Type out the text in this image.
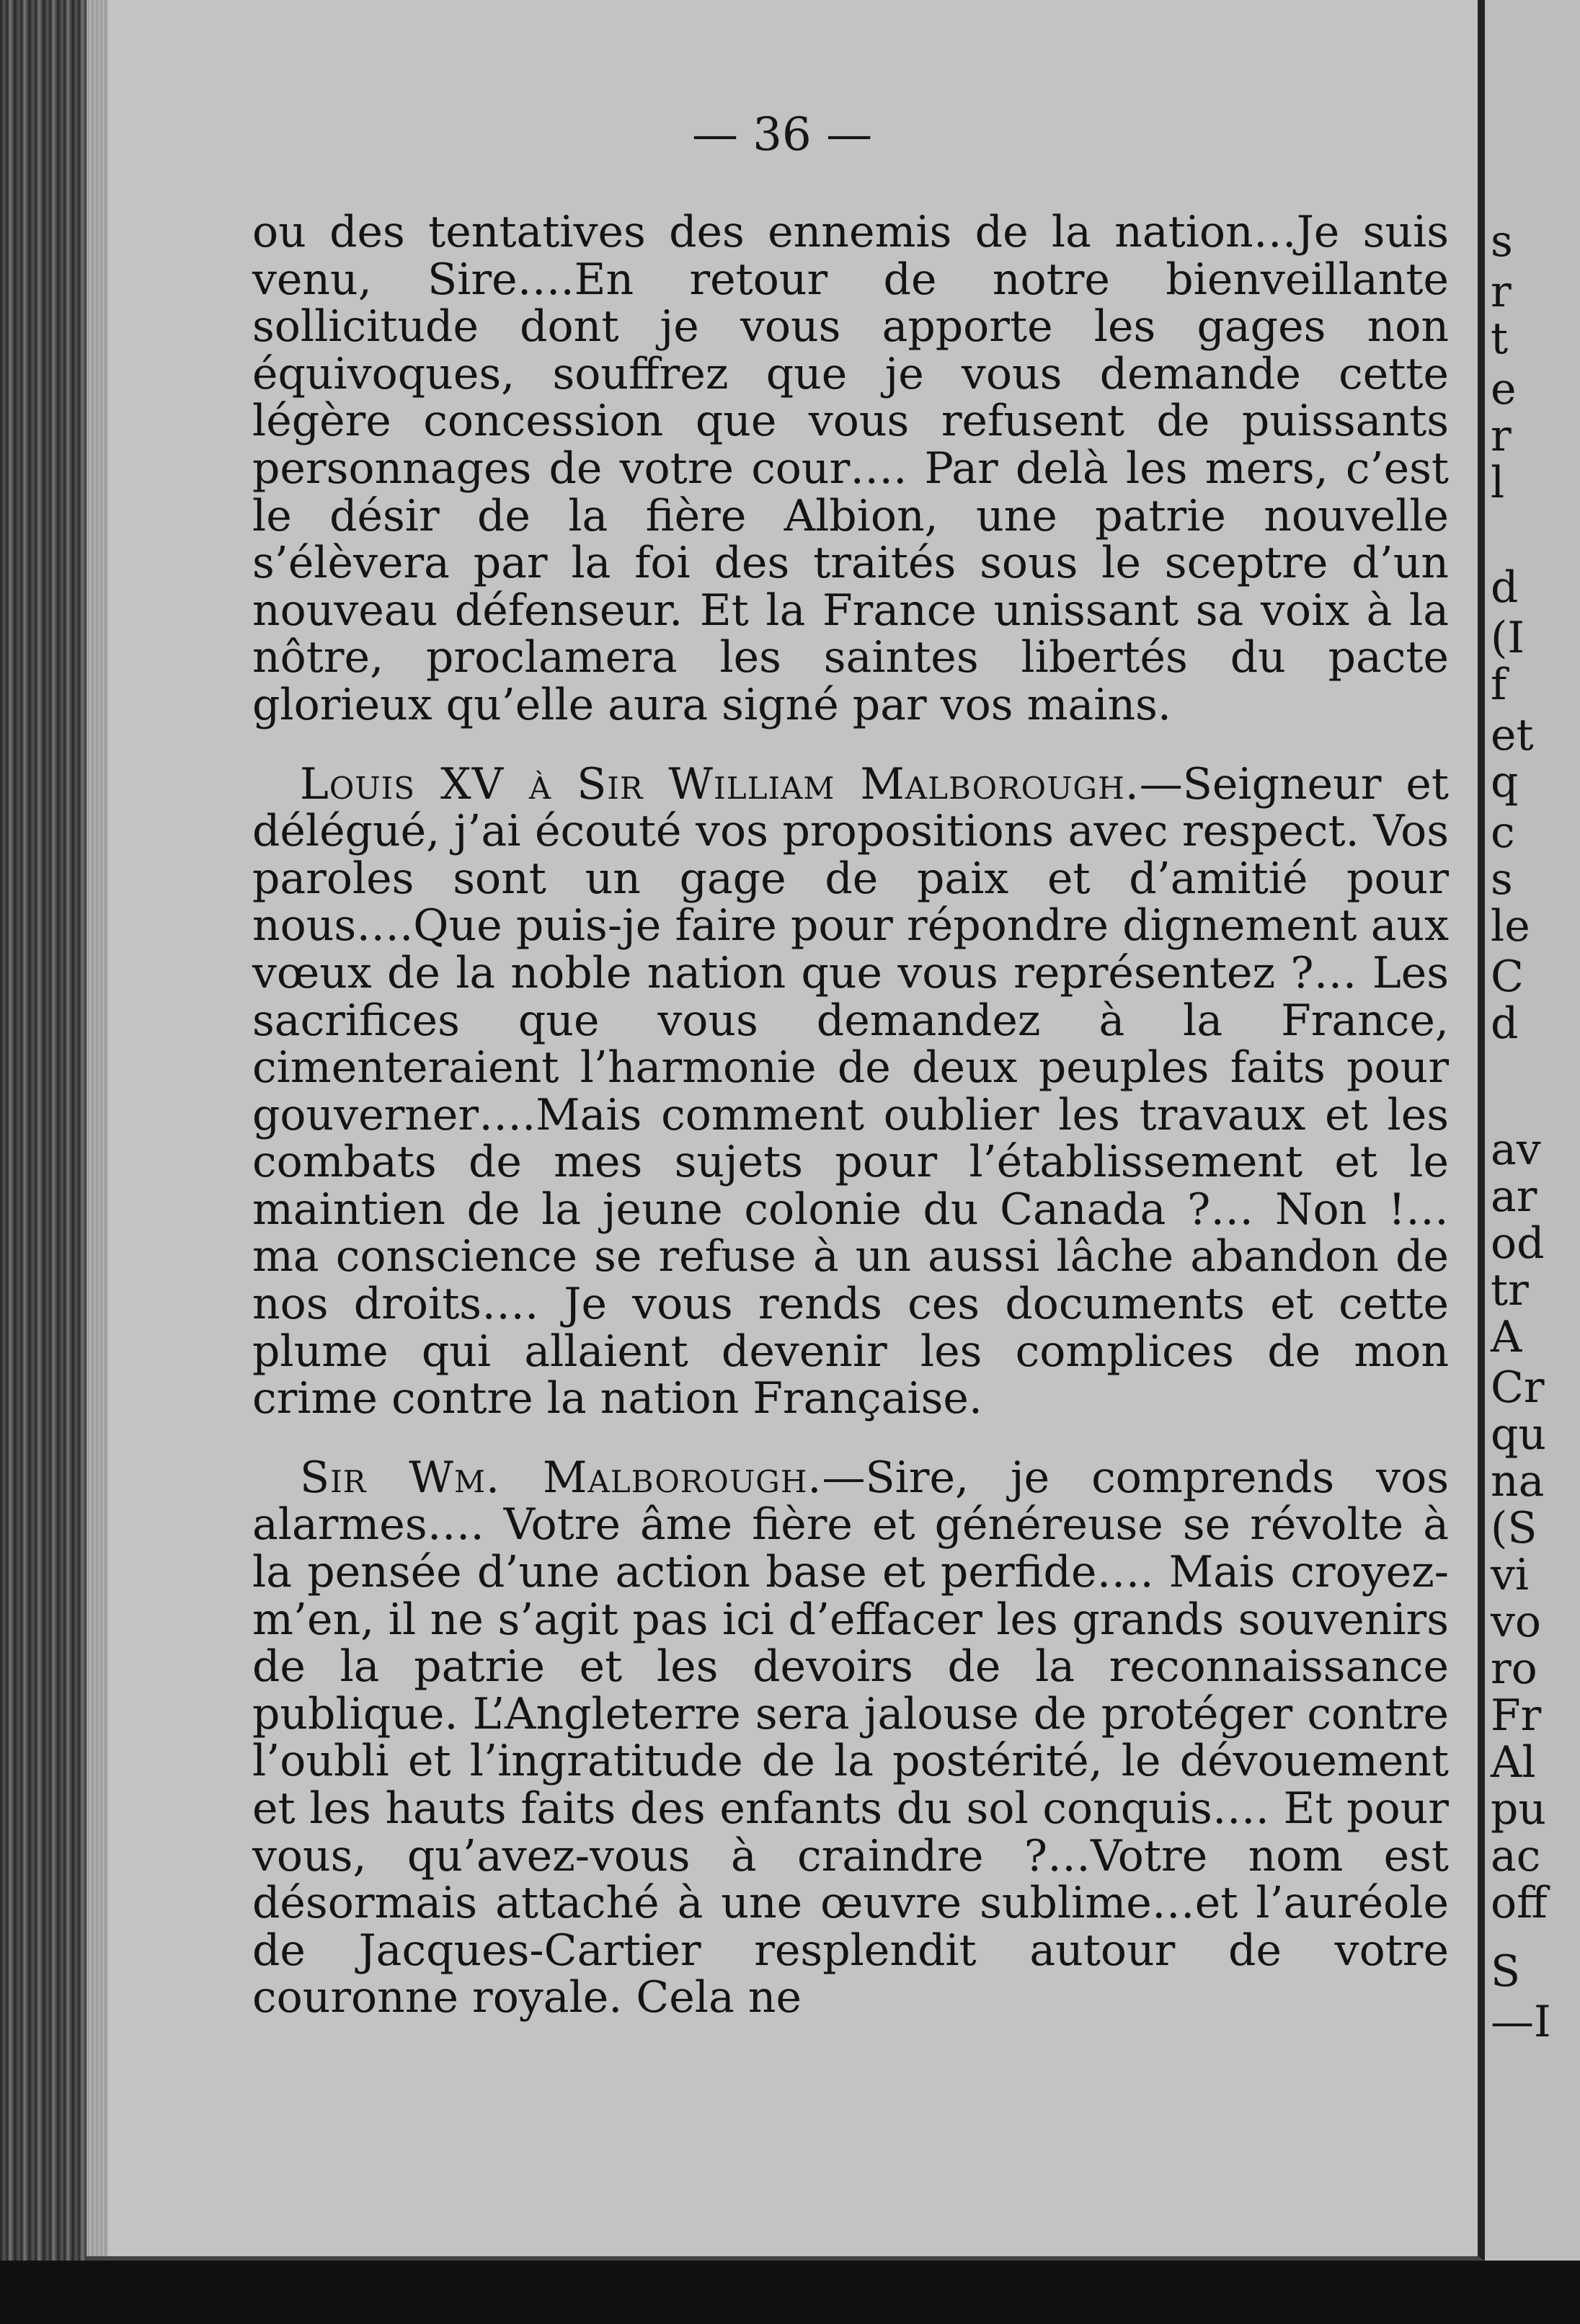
— 36 —

ou des tentatives des ennemis de la nation…Je suis venu, Sire….En retour de notre bienveillante sollicitude dont je vous apporte les gages non équivoques, souffrez que je vous demande cette légère concession que vous refusent de puissants personnages de votre cour…. Par delà les mers, c’est le désir de la fière Albion, une patrie nouvelle s’élèvera par la foi des traités sous le sceptre d’un nouveau défenseur. Et la France unissant sa voix à la nôtre, proclamera les saintes libertés du pacte glorieux qu’elle aura signé par vos mains.

Louis XV à Sir William Malborough.—Seigneur et délégué, j’ai écouté vos propositions avec respect. Vos paroles sont un gage de paix et d’amitié pour nous….Que puis-je faire pour répondre dignement aux vœux de la noble nation que vous représentez ?… Les sacrifices que vous demandez à la France, cimenteraient l’harmonie de deux peuples faits pour gouverner….Mais comment oublier les travaux et les combats de mes sujets pour l’établissement et le maintien de la jeune colonie du Canada ?… Non !… ma conscience se refuse à un aussi lâche abandon de nos droits…. Je vous rends ces documents et cette plume qui allaient devenir les complices de mon crime contre la nation Française.

Sir Wm. Malborough.—Sire, je comprends vos alarmes…. Votre âme fière et généreuse se révolte à la pensée d’une action base et perfide…. Mais croyez-m’en, il ne s’agit pas ici d’effacer les grands souvenirs de la patrie et les devoirs de la reconnaissance publique. L’Angleterre sera jalouse de protéger contre l’oubli et l’ingratitude de la postérité, le dévouement et les hauts faits des enfants du sol conquis…. Et pour vous, qu’avez-vous à craindre ?…Votre nom est désormais attaché à une œuvre sublime…et l’auréole de Jacques-Cartier resplendit autour de votre couronne royale. Cela ne

s
r
t
e
r
l
d
(I
f
et
q
c
s
le
C
d
av
ar
od
tr
A
Cr
qu
na
(S
vi
vo
ro
Fr
Al
pu
ac
off
S
—I
